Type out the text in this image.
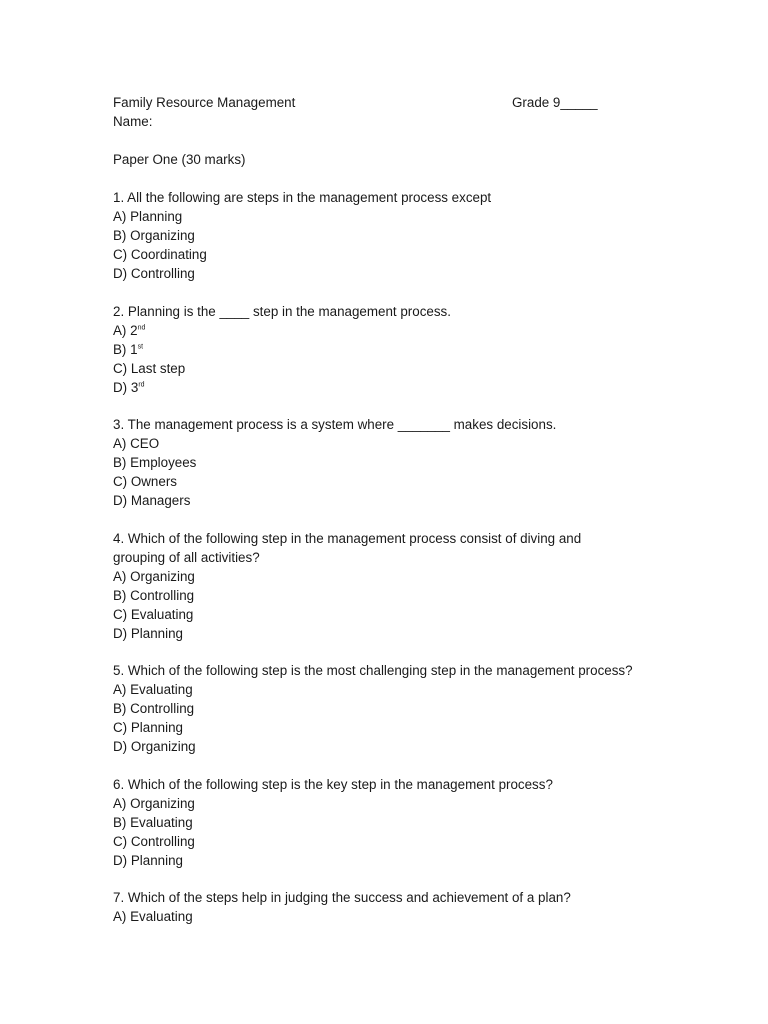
Family Resource Management	Grade 9_____
Name:
Paper One (30 marks)
1. All the following are steps in the management process except
A) Planning
B) Organizing
C) Coordinating
D) Controlling
2. Planning is the ____ step in the management process.
A) 2nd
B) 1st
C) Last step
D) 3rd
3. The management process is a system where _______ makes decisions.
A) CEO
B) Employees
C) Owners
D) Managers
4. Which of the following step in the management process consist of diving and
grouping of all activities?
A) Organizing
B) Controlling
C) Evaluating
D) Planning
5. Which of the following step is the most challenging step in the management process?
A) Evaluating
B) Controlling
C) Planning
D) Organizing
6. Which of the following step is the key step in the management process?
A) Organizing
B) Evaluating
C) Controlling
D) Planning
7. Which of the steps help in judging the success and achievement of a plan?
A) Evaluating
